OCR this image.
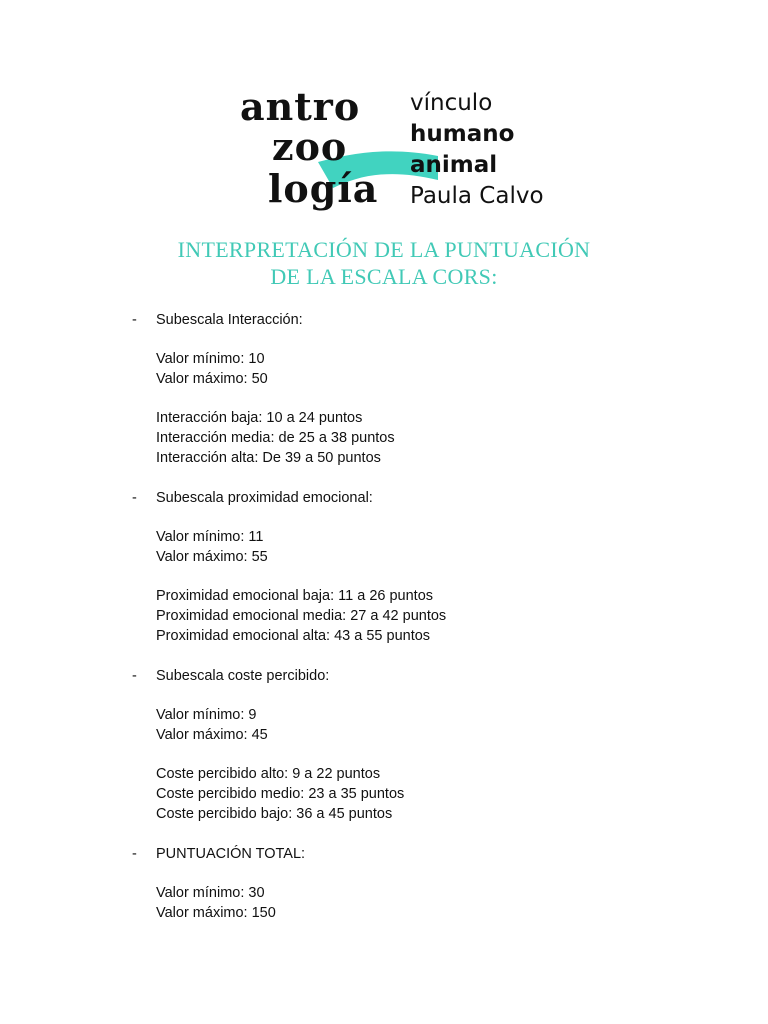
antro
zoo
logía
vínculo
humano
animal
Paula Calvo
INTERPRETACIÓN DE LA PUNTUACIÓN
DE LA ESCALA CORS:
- Subescala Interacción:
Valor mínimo: 10
Valor máximo: 50
Interacción baja: 10 a 24 puntos
Interacción media: de 25 a 38 puntos
Interacción alta: De 39 a 50 puntos
- Subescala proximidad emocional:
Valor mínimo: 11
Valor máximo: 55
Proximidad emocional baja: 11 a 26 puntos
Proximidad emocional media: 27 a 42 puntos
Proximidad emocional alta: 43 a 55 puntos
- Subescala coste percibido:
Valor mínimo: 9
Valor máximo: 45
Coste percibido alto: 9 a 22 puntos
Coste percibido medio: 23 a 35 puntos
Coste percibido bajo: 36 a 45 puntos
- PUNTUACIÓN TOTAL:
Valor mínimo: 30
Valor máximo: 150
